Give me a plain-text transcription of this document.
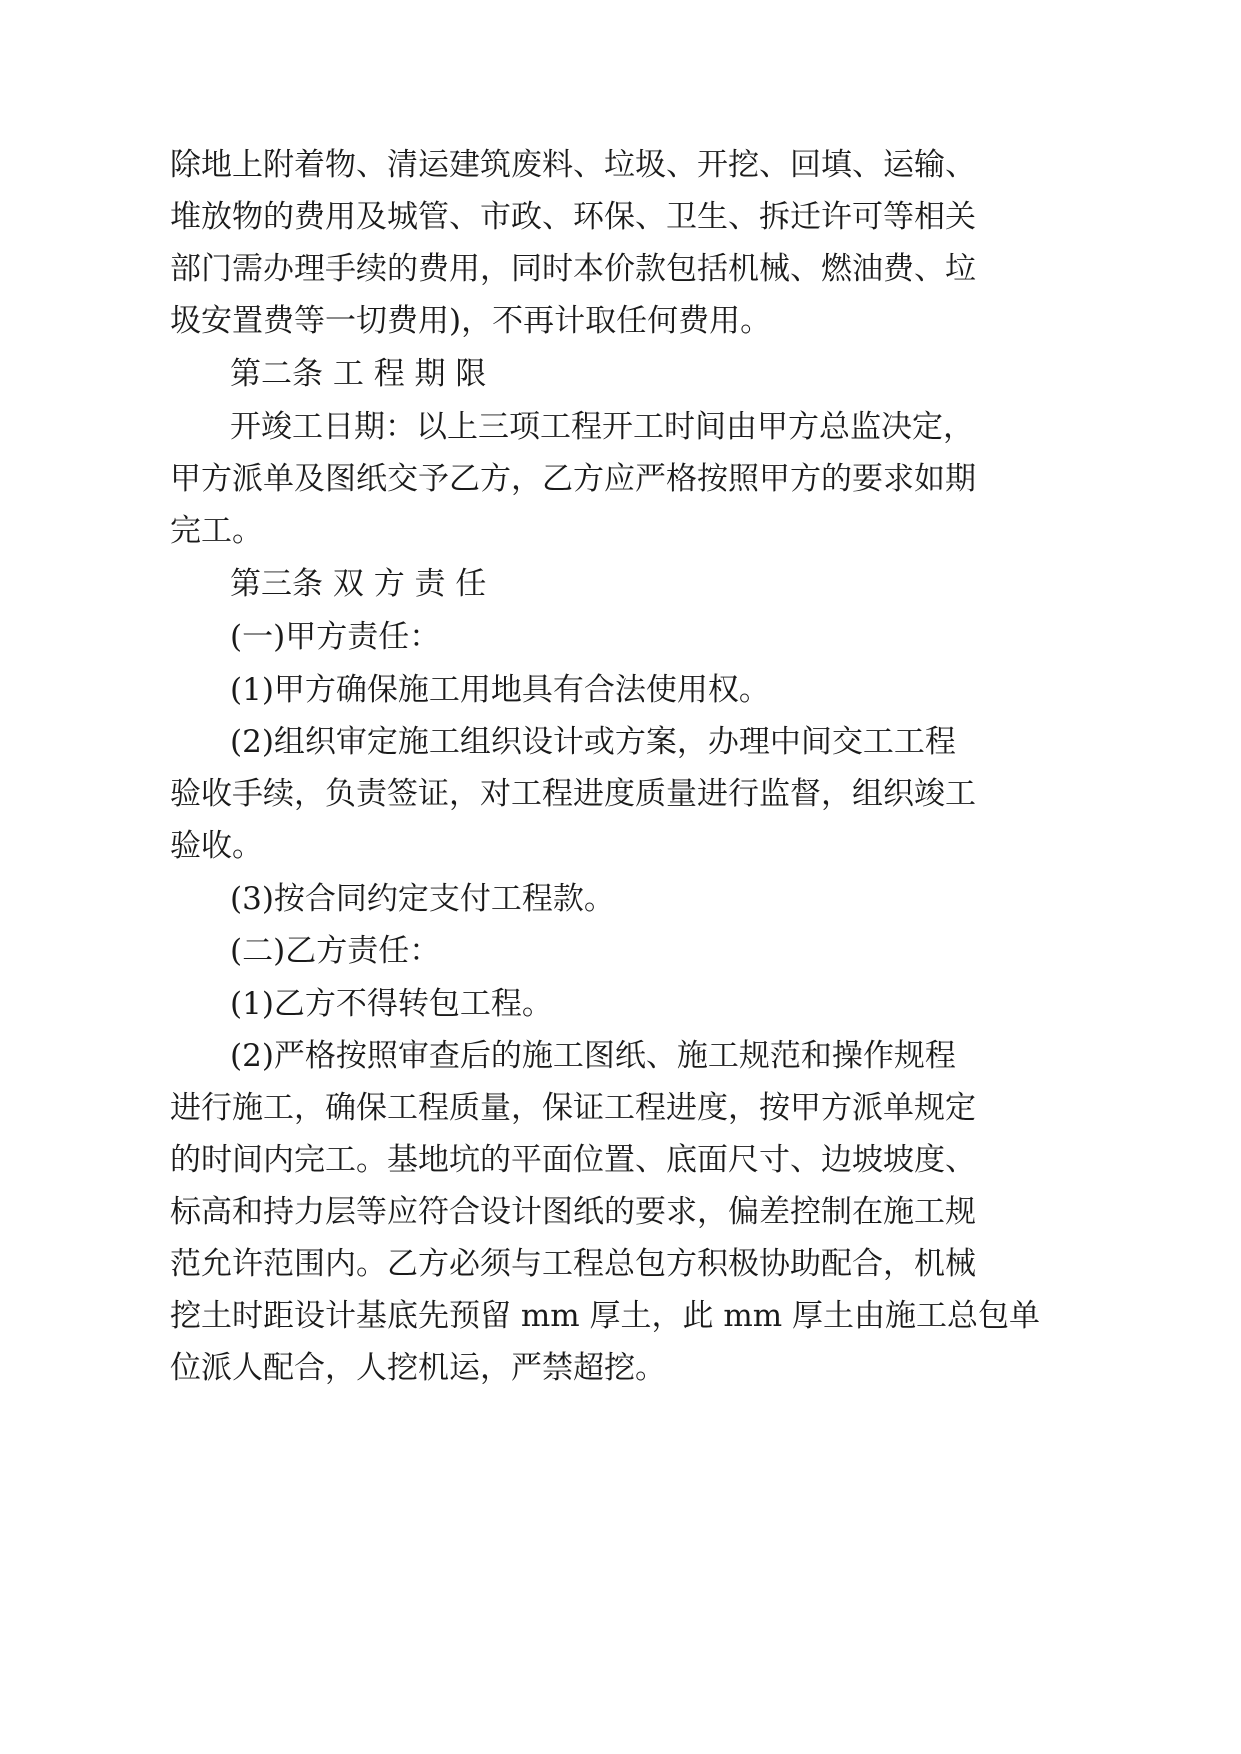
除地上附着物、清运建筑废料、垃圾、开挖、回填、运输、
堆放物的费用及城管、市政、环保、卫生、拆迁许可等相关
部门需办理手续的费用，同时本价款包括机械、燃油费、垃
圾安置费等一切费用)，不再计取任何费用。
第二条 工 程 期 限
开竣工日期：以上三项工程开工时间由甲方总监决定，
甲方派单及图纸交予乙方，乙方应严格按照甲方的要求如期
完工。
第三条 双 方 责 任
(一)甲方责任：
(1)甲方确保施工用地具有合法使用权。
(2)组织审定施工组织设计或方案，办理中间交工工程
验收手续，负责签证，对工程进度质量进行监督，组织竣工
验收。
(3)按合同约定支付工程款。
(二)乙方责任：
(1)乙方不得转包工程。
(2)严格按照审查后的施工图纸、施工规范和操作规程
进行施工，确保工程质量，保证工程进度，按甲方派单规定
的时间内完工。基地坑的平面位置、底面尺寸、边坡坡度、
标高和持力层等应符合设计图纸的要求，偏差控制在施工规
范允许范围内。乙方必须与工程总包方积极协助配合，机械
挖土时距设计基底先预留 mm 厚土，此 mm 厚土由施工总包单
位派人配合，人挖机运，严禁超挖。
